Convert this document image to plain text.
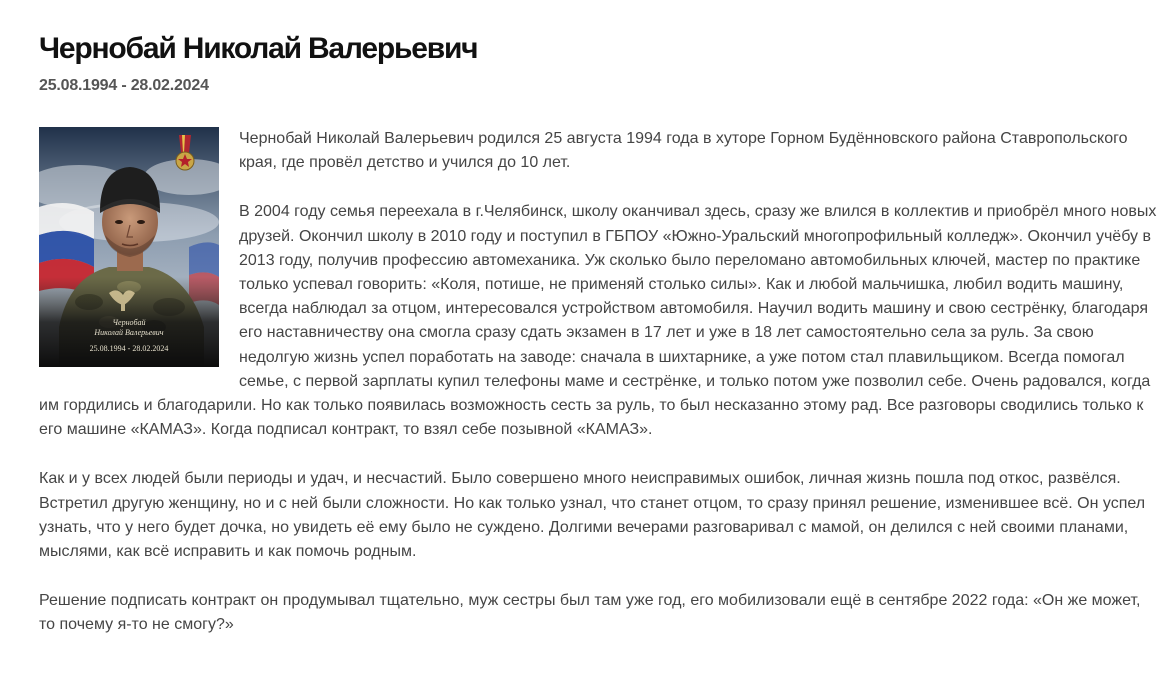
Чернобай Николай Валерьевич
25.08.1994 - 28.02.2024
Чернобай
Николай Валерьевич
25.08.1994 - 28.02.2024

Чернобай Николай Валерьевич родился 25 августа 1994 года в хуторе Горном Будённовского района Ставропольского края, где провёл детство и учился до 10 лет.

В 2004 году семья переехала в г.Челябинск, школу оканчивал здесь, сразу же влился в коллектив и приобрёл много новых друзей. Окончил школу в 2010 году и поступил в ГБПОУ «Южно-Уральский многопрофильный колледж». Окончил учёбу в 2013 году, получив профессию автомеханика. Уж сколько было переломано автомобильных ключей, мастер по практике только успевал говорить: «Коля, потише, не применяй столько силы». Как и любой мальчишка, любил водить машину, всегда наблюдал за отцом, интересовался устройством автомобиля. Научил водить машину и свою сестрёнку, благодаря его наставничеству она смогла сразу сдать экзамен в 17 лет и уже в 18 лет самостоятельно села за руль. За свою недолгую жизнь успел поработать на заводе: сначала в шихтарнике, а уже потом стал плавильщиком. Всегда помогал семье, с первой зарплаты купил телефоны маме и сестрёнке, и только потом уже позволил себе. Очень радовался, когда им гордились и благодарили. Но как только появилась возможность сесть за руль, то был несказанно этому рад. Все разговоры сводились только к его машине «КАМАЗ». Когда подписал контракт, то взял себе позывной «КАМАЗ».

Как и у всех людей были периоды и удач, и несчастий. Было совершено много неисправимых ошибок, личная жизнь пошла под откос, развёлся. Встретил другую женщину, но и с ней были сложности. Но как только узнал, что станет отцом, то сразу принял решение, изменившее всё. Он успел узнать, что у него будет дочка, но увидеть её ему было не суждено. Долгими вечерами разговаривал с мамой, он делился с ней своими планами, мыслями, как всё исправить и как помочь родным.

Решение подписать контракт он продумывал тщательно, муж сестры был там уже год, его мобилизовали ещё в сентябре 2022 года: «Он же может, то почему я-то не смогу?»
